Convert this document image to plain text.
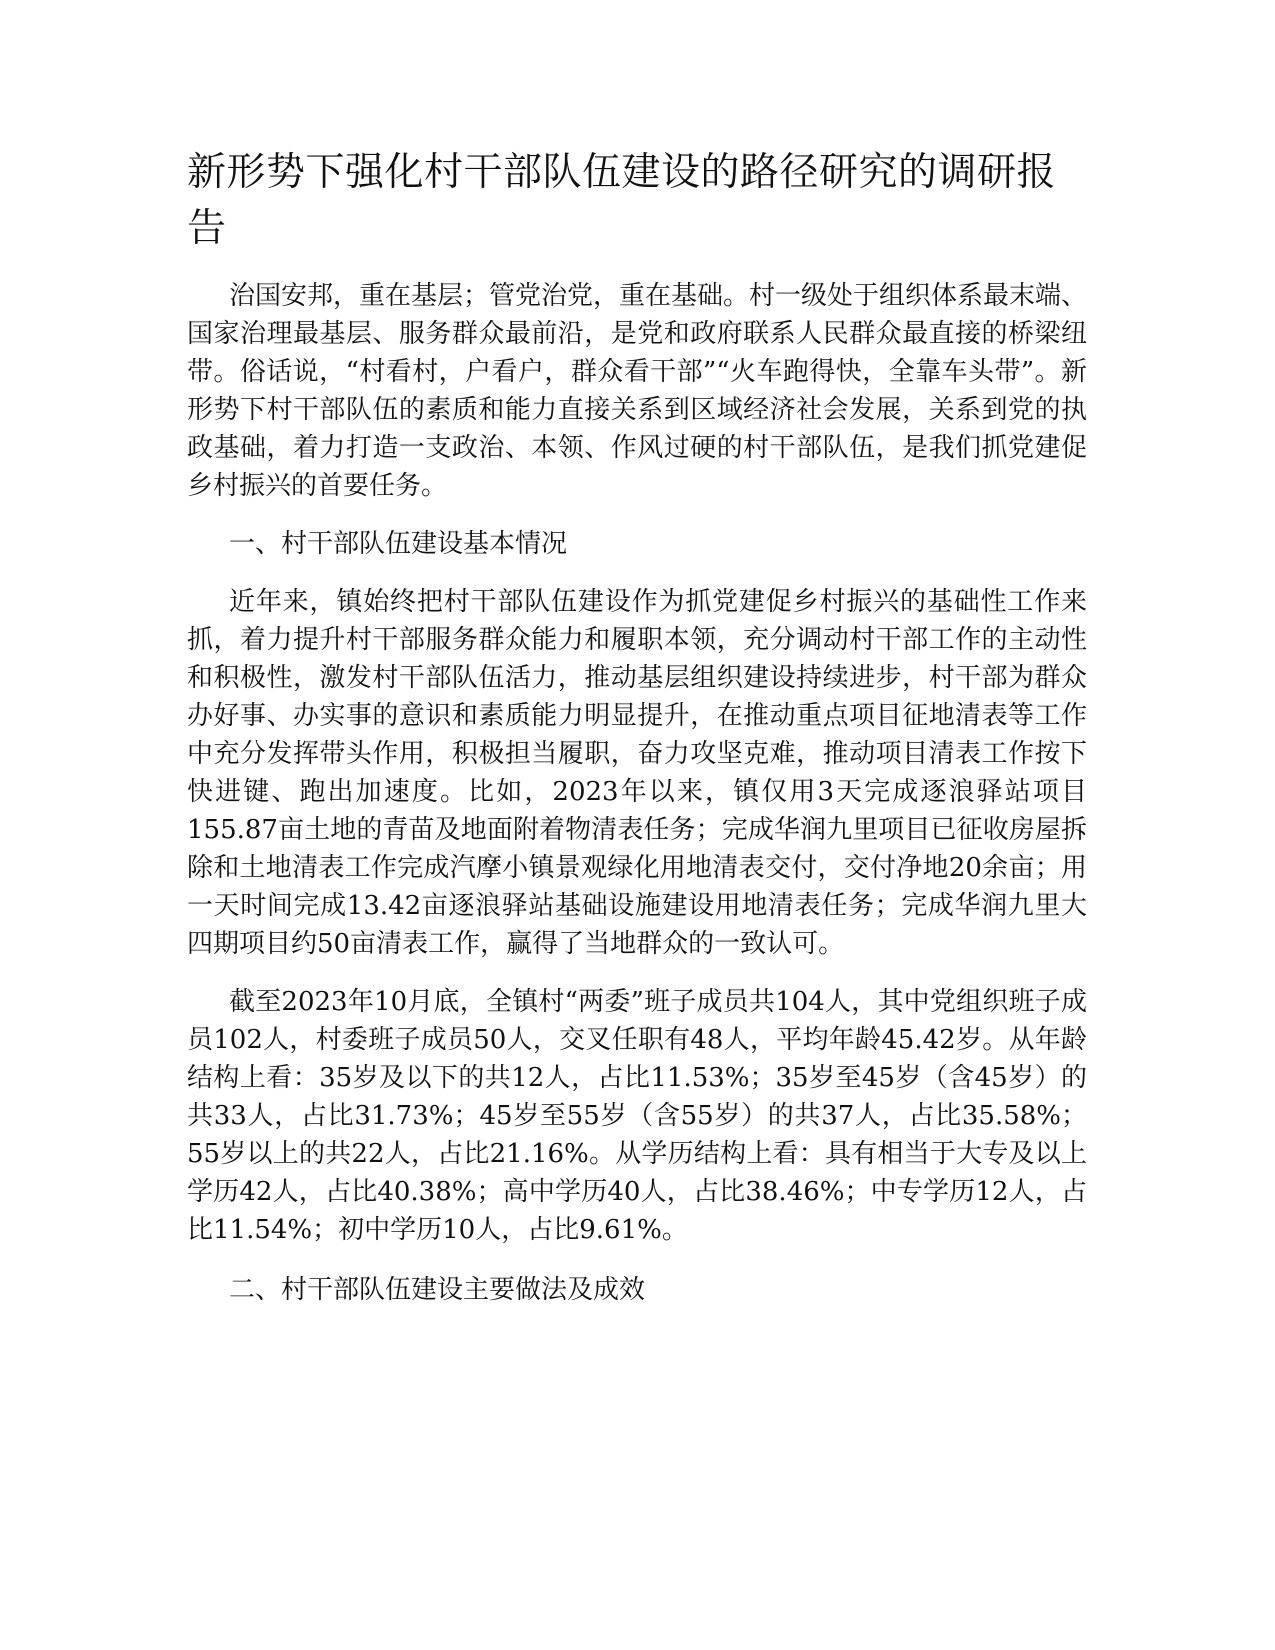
新形势下强化村干部队伍建设的路径研究的调研报告

治国安邦，重在基层；管党治党，重在基础。村一级处于组织体系最末端、国家治理最基层、服务群众最前沿，是党和政府联系人民群众最直接的桥梁纽带。俗话说，“村看村，户看户，群众看干部”“火车跑得快，全靠车头带”。新形势下村干部队伍的素质和能力直接关系到区域经济社会发展，关系到党的执政基础，着力打造一支政治、本领、作风过硬的村干部队伍，是我们抓党建促乡村振兴的首要任务。

一、村干部队伍建设基本情况

近年来，镇始终把村干部队伍建设作为抓党建促乡村振兴的基础性工作来抓，着力提升村干部服务群众能力和履职本领，充分调动村干部工作的主动性和积极性，激发村干部队伍活力，推动基层组织建设持续进步，村干部为群众办好事、办实事的意识和素质能力明显提升，在推动重点项目征地清表等工作中充分发挥带头作用，积极担当履职，奋力攻坚克难，推动项目清表工作按下快进键、跑出加速度。比如，2023年以来，镇仅用3天完成逐浪驿站项目155.87亩土地的青苗及地面附着物清表任务；完成华润九里项目已征收房屋拆除和土地清表工作完成汽摩小镇景观绿化用地清表交付，交付净地20余亩；用一天时间完成13.42亩逐浪驿站基础设施建设用地清表任务；完成华润九里大四期项目约50亩清表工作，赢得了当地群众的一致认可。

截至2023年10月底，全镇村“两委”班子成员共104人，其中党组织班子成员102人，村委班子成员50人，交叉任职有48人，平均年龄45.42岁。从年龄结构上看：35岁及以下的共12人，占比11.53%；35岁至45岁（含45岁）的共33人，占比31.73%；45岁至55岁（含55岁）的共37人，占比35.58%；55岁以上的共22人，占比21.16%。从学历结构上看：具有相当于大专及以上学历42人，占比40.38%；高中学历40人，占比38.46%；中专学历12人，占比11.54%；初中学历10人，占比9.61%。

二、村干部队伍建设主要做法及成效
